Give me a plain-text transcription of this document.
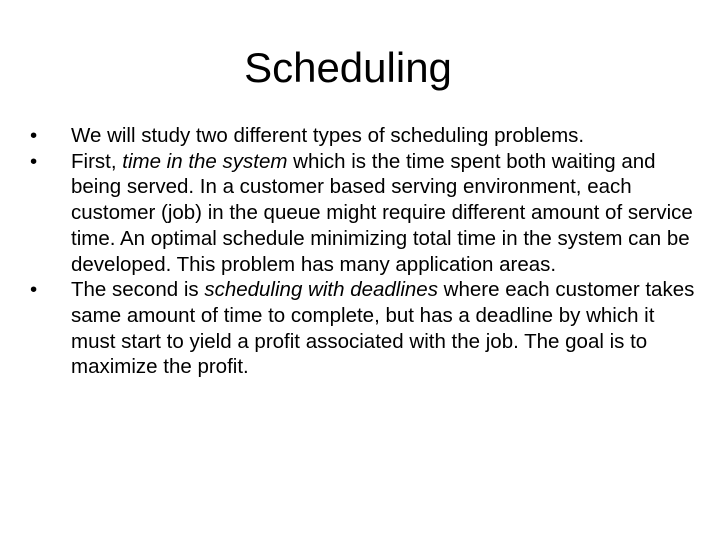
Scheduling
•	We will study two different types of scheduling problems.
•	First, time in the system which is the time spent both waiting and being served. In a customer based serving environment, each customer (job) in the queue might require different amount of service time. An optimal schedule minimizing total time in the system can be developed. This problem has many application areas.
•	The second is scheduling with deadlines where each customer takes same amount of time to complete, but has a deadline by which it must start to yield a profit associated with the job. The goal is to maximize the profit.
